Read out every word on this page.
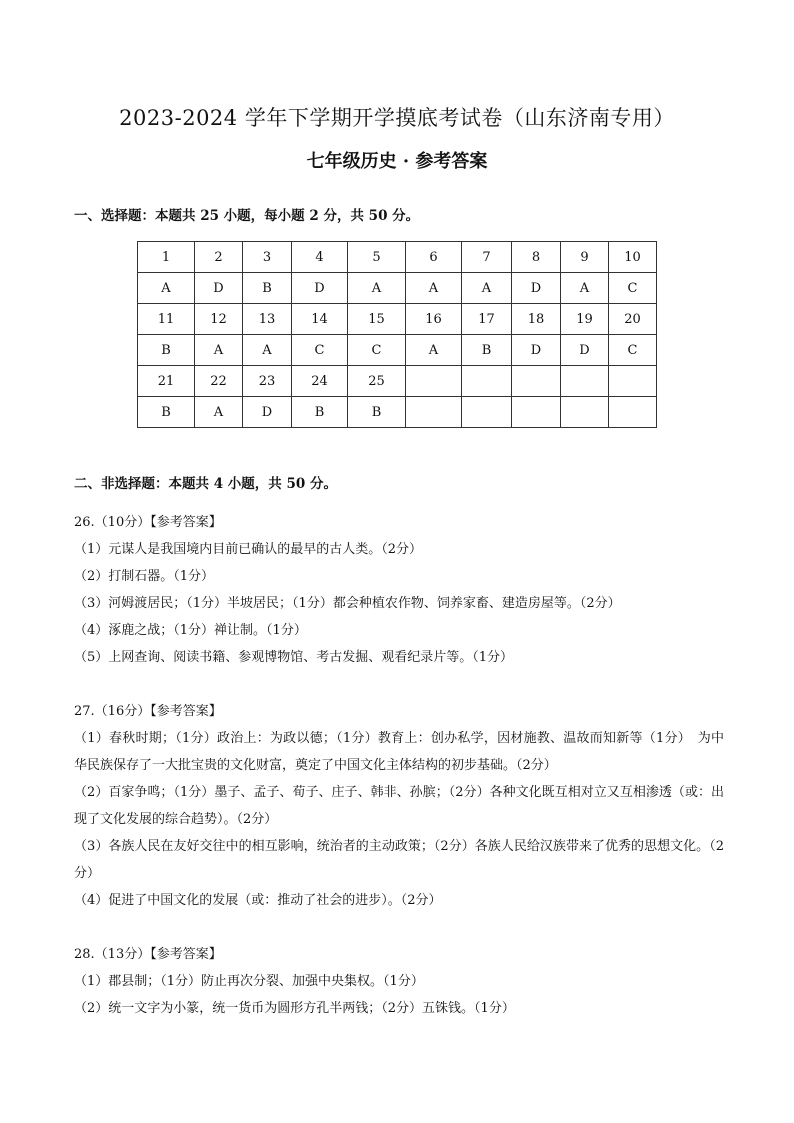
2023-2024 学年下学期开学摸底考试卷（山东济南专用）
七年级历史 · 参考答案
一、选择题：本题共 25 小题，每小题 2 分，共 50 分。
1	2	3	4	5	6	7	8	9	10
A	D	B	D	A	A	A	D	A	C
11	12	13	14	15	16	17	18	19	20
B	A	A	C	C	A	B	D	D	C
21	22	23	24	25					
B	A	D	B	B					
二、非选择题：本题共 4 小题，共 50 分。
26.（10分）【参考答案】
（1）元谋人是我国境内目前已确认的最早的古人类。（2分）
（2）打制石器。（1分）
（3）河姆渡居民；（1分）半坡居民；（1分）都会种植农作物、饲养家畜、建造房屋等。（2分）
（4）涿鹿之战；（1分）禅让制。（1分）
（5）上网查询、阅读书籍、参观博物馆、考古发掘、观看纪录片等。（1分）
27.（16分）【参考答案】
（1）春秋时期；（1分）政治上：为政以德；（1分）教育上：创办私学，因材施教、温故而知新等（1分）　为中华民族保存了一大批宝贵的文化财富，奠定了中国文化主体结构的初步基础。（2分）
（2）百家争鸣；（1分）墨子、孟子、荀子、庄子、韩非、孙膑；（2分）各种文化既互相对立又互相渗透（或：出现了文化发展的综合趋势）。（2分）
（3）各族人民在友好交往中的相互影响，统治者的主动政策；（2分）各族人民给汉族带来了优秀的思想文化。（2分）
（4）促进了中国文化的发展（或：推动了社会的进步）。（2分）
28.（13分）【参考答案】
（1）郡县制；（1分）防止再次分裂、加强中央集权。（1分）
（2）统一文字为小篆，统一货币为圆形方孔半两钱；（2分）五铢钱。（1分）
